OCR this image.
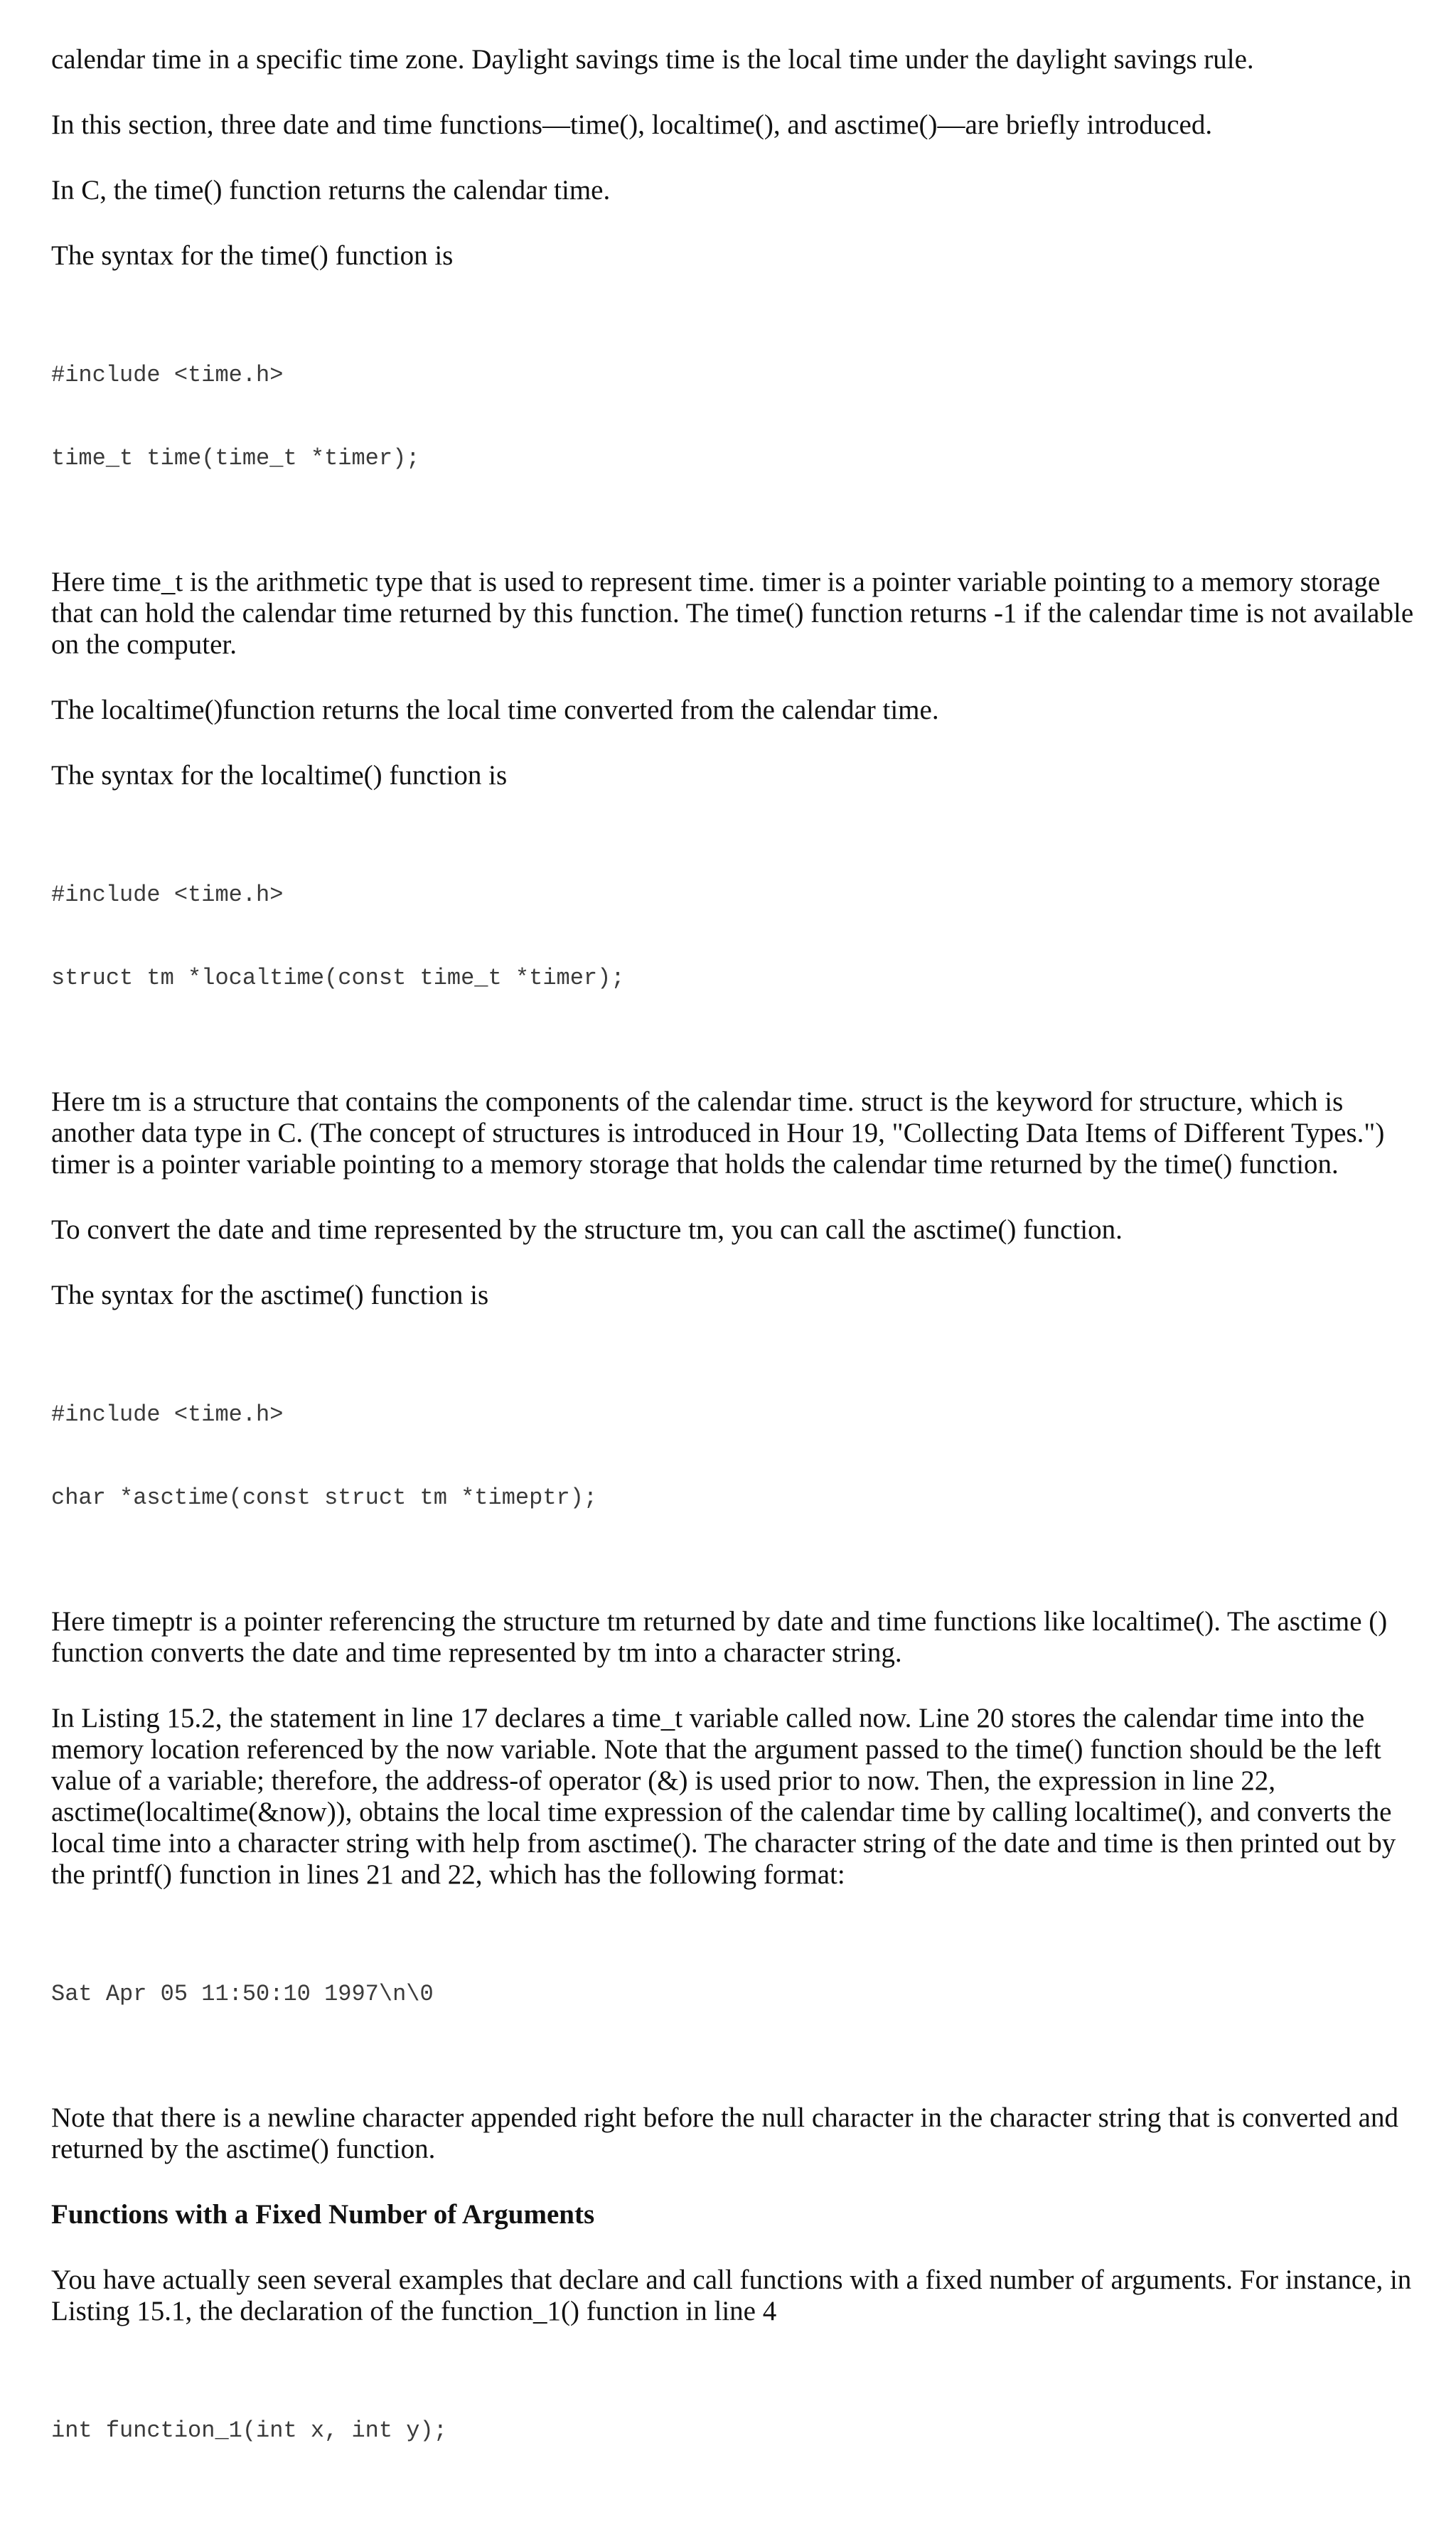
calendar time in a specific time zone. Daylight savings time is the local time under the daylight savings rule.

In this section, three date and time functions—time(), localtime(), and asctime()—are briefly introduced.

In C, the time() function returns the calendar time.

The syntax for the time() function is

#include <time.h>

time_t time(time_t *timer);

Here time_t is the arithmetic type that is used to represent time. timer is a pointer variable pointing to a memory storage that can hold the calendar time returned by this function. The time() function returns -1 if the calendar time is not available on the computer.

The localtime()function returns the local time converted from the calendar time.

The syntax for the localtime() function is

#include <time.h>

struct tm *localtime(const time_t *timer);

Here tm is a structure that contains the components of the calendar time. struct is the keyword for structure, which is another data type in C. (The concept of structures is introduced in Hour 19, "Collecting Data Items of Different Types.") timer is a pointer variable pointing to a memory storage that holds the calendar time returned by the time() function.

To convert the date and time represented by the structure tm, you can call the asctime() function.

The syntax for the asctime() function is

#include <time.h>

char *asctime(const struct tm *timeptr);

Here timeptr is a pointer referencing the structure tm returned by date and time functions like localtime(). The asctime () function converts the date and time represented by tm into a character string.

In Listing 15.2, the statement in line 17 declares a time_t variable called now. Line 20 stores the calendar time into the memory location referenced by the now variable. Note that the argument passed to the time() function should be the left value of a variable; therefore, the address-of operator (&) is used prior to now. Then, the expression in line 22, asctime(localtime(&now)), obtains the local time expression of the calendar time by calling localtime(), and converts the local time into a character string with help from asctime(). The character string of the date and time is then printed out by the printf() function in lines 21 and 22, which has the following format:

Sat Apr 05 11:50:10 1997\n\0

Note that there is a newline character appended right before the null character in the character string that is converted and returned by the asctime() function.

Functions with a Fixed Number of Arguments

You have actually seen several examples that declare and call functions with a fixed number of arguments. For instance, in Listing 15.1, the declaration of the function_1() function in line 4

int function_1(int x, int y);
